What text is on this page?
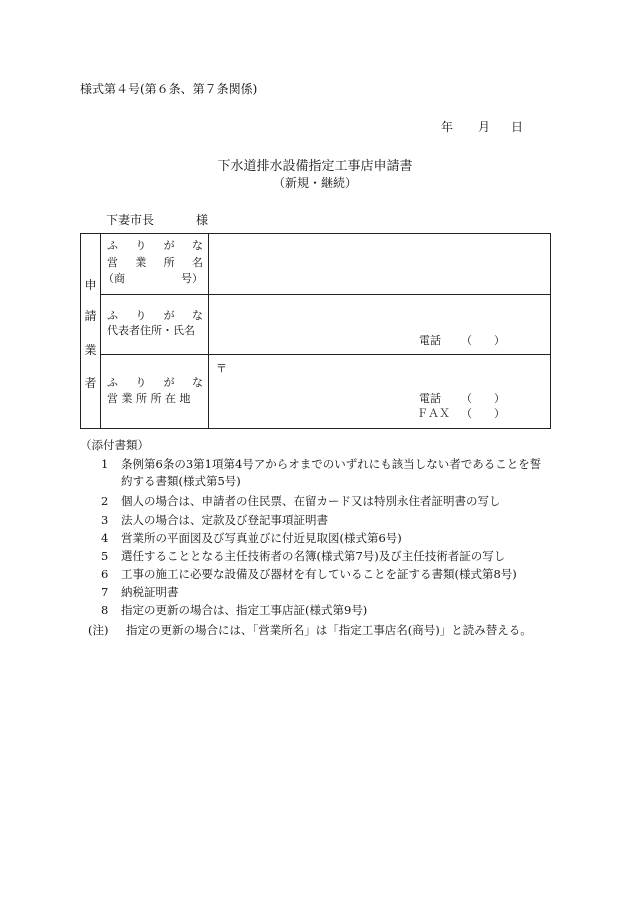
様式第４号(第６条、第７条関係)
年 月 日
下水道排水設備指定工事店申請書
（新規・継続）
下妻市長	様
申
請
業
者
ふ り が な
営 業 所 名
（商	号）
ふ り が な
代表者住所・氏名
電話 （　　）
〒
ふ り が な
営 業 所 所 在 地	電話 （　　）
ＦＡＸ （　　）
（添付書類）
1 条例第6条の3第1項第4号アからオまでのいずれにも該当しない者であることを誓
約する書類(様式第5号)
2 個人の場合は、申請者の住民票、在留カード又は特別永住者証明書の写し
3 法人の場合は、定款及び登記事項証明書
4 営業所の平面図及び写真並びに付近見取図(様式第6号)
5 選任することとなる主任技術者の名簿(様式第7号)及び主任技術者証の写し
6 工事の施工に必要な設備及び器材を有していることを証する書類(様式第8号)
7 納税証明書
8 指定の更新の場合は、指定工事店証(様式第9号)
(注) 指定の更新の場合には、「営業所名」は「指定工事店名(商号)」と読み替える。
